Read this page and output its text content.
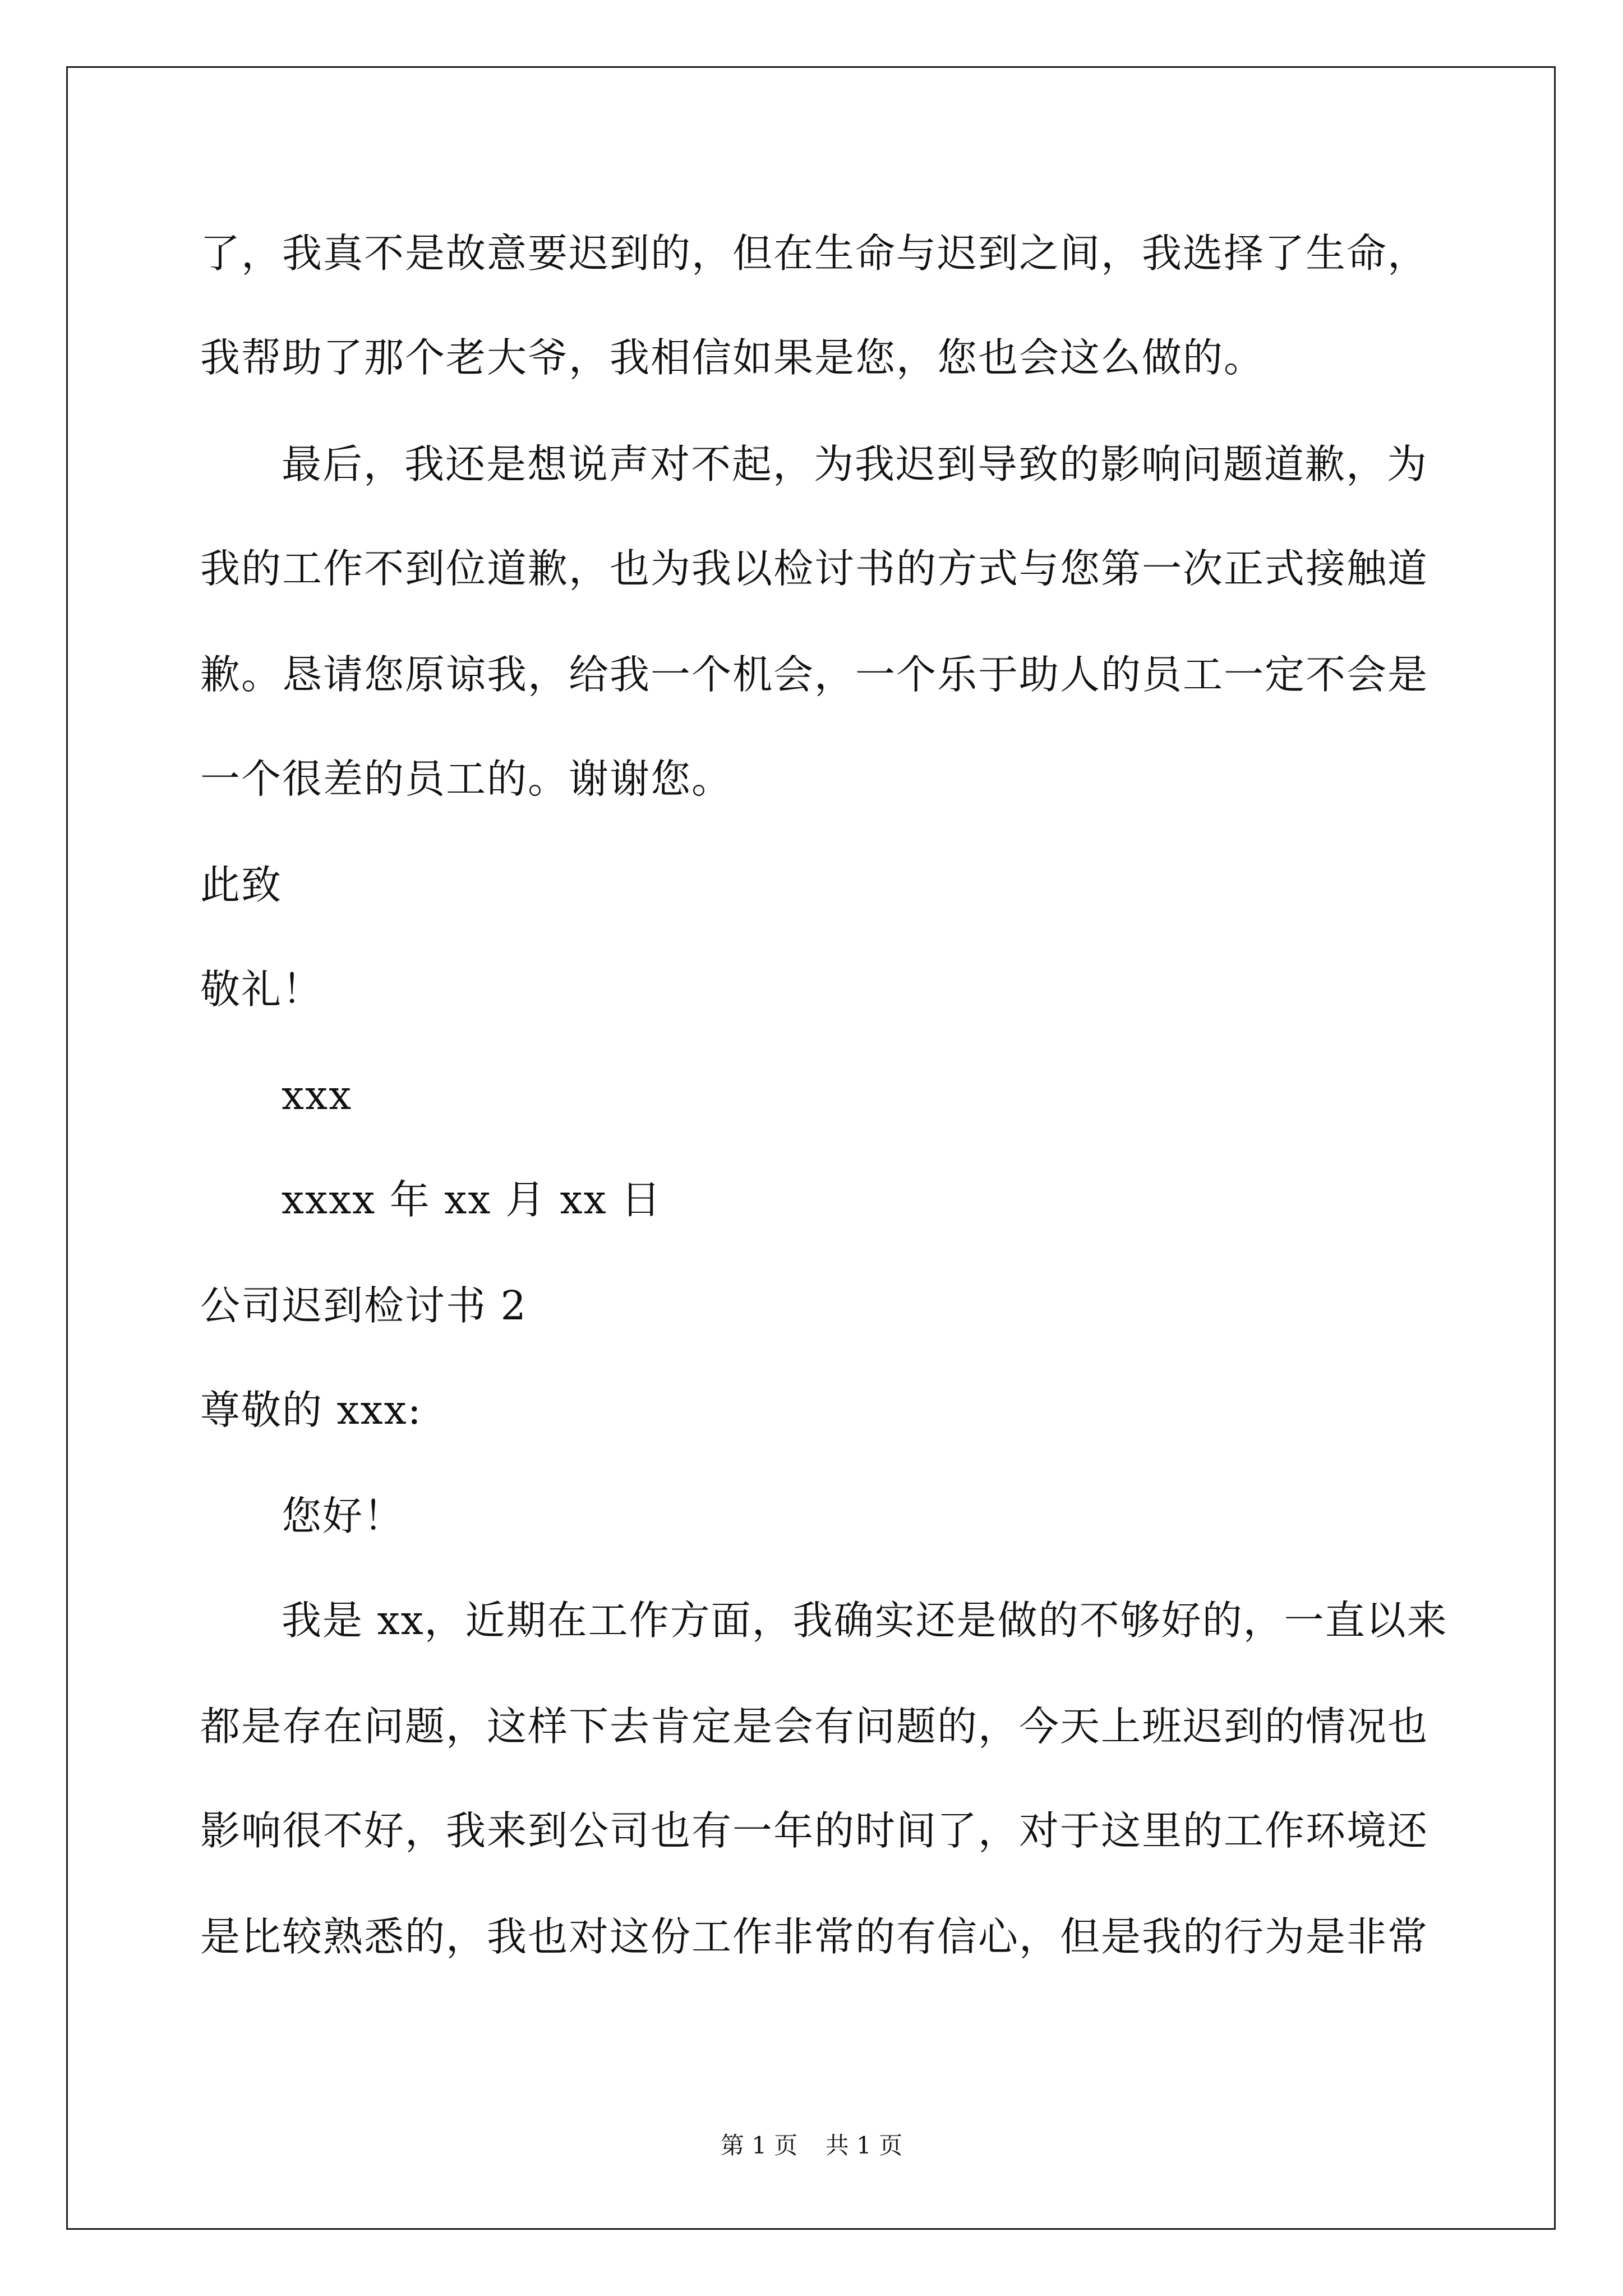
了，我真不是故意要迟到的，但在生命与迟到之间，我选择了生命，
我帮助了那个老大爷，我相信如果是您，您也会这么做的。
最后，我还是想说声对不起，为我迟到导致的影响问题道歉，为
我的工作不到位道歉，也为我以检讨书的方式与您第一次正式接触道
歉。恳请您原谅我，给我一个机会，一个乐于助人的员工一定不会是
一个很差的员工的。谢谢您。
此致
敬礼！
xxx
xxxx 年 xx 月 xx 日
公司迟到检讨书 2
尊敬的 xxx:
您好！
我是 xx，近期在工作方面，我确实还是做的不够好的，一直以来
都是存在问题，这样下去肯定是会有问题的，今天上班迟到的情况也
影响很不好，我来到公司也有一年的时间了，对于这里的工作环境还
是比较熟悉的，我也对这份工作非常的有信心，但是我的行为是非常
第 1 页 共 1 页
